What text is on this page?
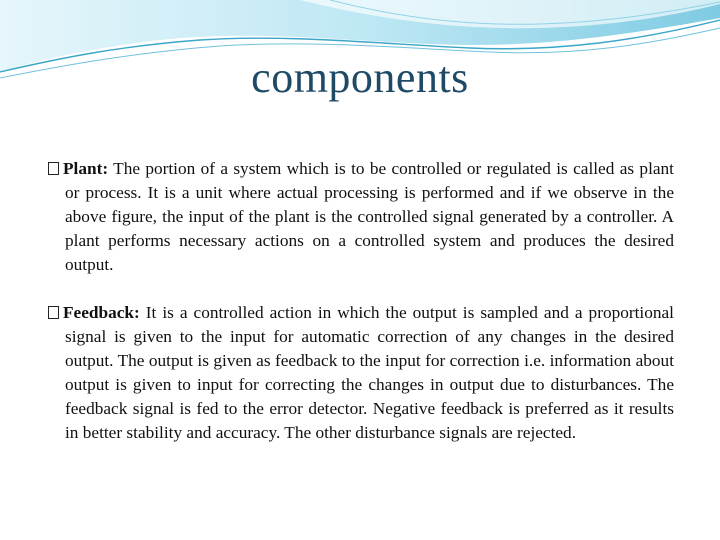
components

Plant: The portion of a system which is to be controlled or regulated is called as plant or process. It is a unit where actual processing is performed and if we observe in the above figure, the input of the plant is the controlled signal generated by a controller. A plant performs necessary actions on a controlled system and produces the desired output.

Feedback: It is a controlled action in which the output is sampled and a proportional signal is given to the input for automatic correction of any changes in the desired output. The output is given as feedback to the input for correction i.e. information about output is given to input for correcting the changes in output due to disturbances. The feedback signal is fed to the error detector. Negative feedback is preferred as it results in better stability and accuracy. The other disturbance signals are rejected.
